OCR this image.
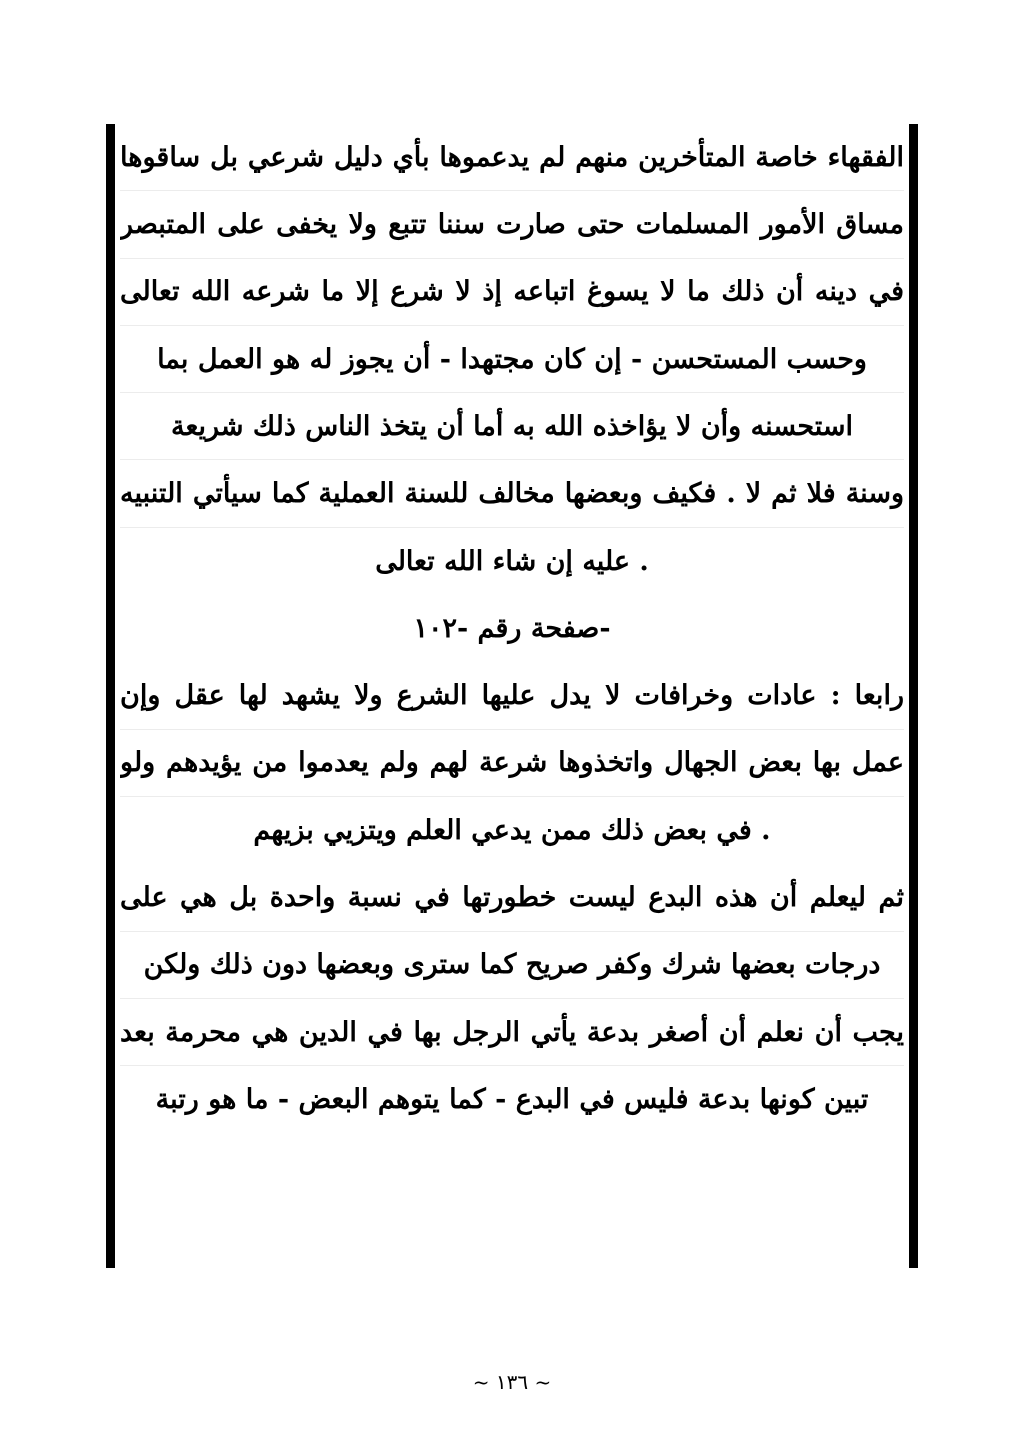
الفقهاء خاصة المتأخرين منهم لم يدعموها بأي دليل شرعي بل ساقوها
مساق الأمور المسلمات حتى صارت سننا تتبع ولا يخفى على المتبصر
في دينه أن ذلك ما لا يسوغ اتباعه إذ لا شرع إلا ما شرعه الله تعالى
وحسب المستحسن - إن كان مجتهدا - أن يجوز له هو العمل بما
استحسنه وأن لا يؤاخذه الله به أما أن يتخذ الناس ذلك شريعة
وسنة فلا ثم لا . فكيف وبعضها مخالف للسنة العملية كما سيأتي التنبيه
. عليه إن شاء الله تعالى
-صفحة رقم -١٠٢
رابعا : عادات وخرافات لا يدل عليها الشرع ولا يشهد لها عقل وإن
عمل بها بعض الجهال واتخذوها شرعة لهم ولم يعدموا من يؤيدهم ولو
. في بعض ذلك ممن يدعي العلم ويتزيي بزيهم
ثم ليعلم أن هذه البدع ليست خطورتها في نسبة واحدة بل هي على
درجات بعضها شرك وكفر صريح كما سترى وبعضها دون ذلك ولكن
يجب أن نعلم أن أصغر بدعة يأتي الرجل بها في الدين هي محرمة بعد
تبين كونها بدعة فليس في البدع - كما يتوهم البعض - ما هو رتبة
~ ١٣٦ ~
